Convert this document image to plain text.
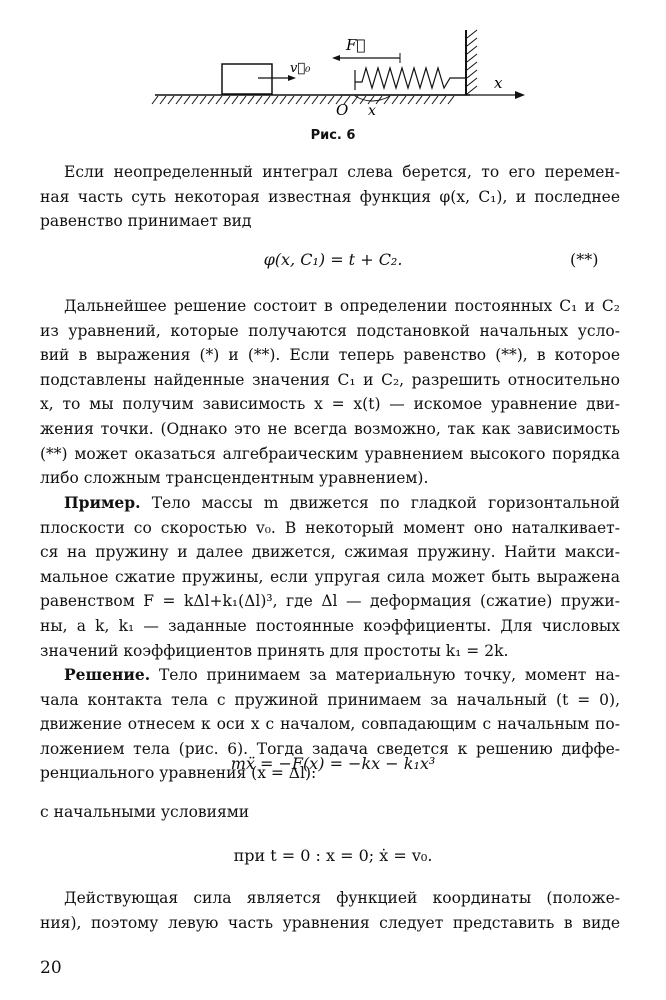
x
v⃗₀
F⃗
O x
Рис. 6
Если неопределенный интеграл слева берется, то его перемен-
ная часть суть некоторая известная функция φ(x, C₁), и последнее
равенство принимает вид
φ(x, C₁) = t + C₂.	(**)
Дальнейшее решение состоит в определении постоянных C₁ и C₂
из уравнений, которые получаются подстановкой начальных усло-
вий в выражения (*) и (**). Если теперь равенство (**), в которое
подставлены найденные значения C₁ и C₂, разрешить относительно
x, то мы получим зависимость x = x(t) — искомое уравнение дви-
жения точки. (Однако это не всегда возможно, так как зависимость
(**) может оказаться алгебраическим уравнением высокого порядка
либо сложным трансцендентным уравнением).
Пример. Тело массы m движется по гладкой горизонтальной
плоскости со скоростью v₀. В некоторый момент оно наталкивает-
ся на пружину и далее движется, сжимая пружину. Найти макси-
мальное сжатие пружины, если упругая сила может быть выражена
равенством F = kΔl+k₁(Δl)³, где Δl — деформация (сжатие) пружи-
ны, а k, k₁ — заданные постоянные коэффициенты. Для числовых
значений коэффициентов принять для простоты k₁ = 2k.
Решение. Тело принимаем за материальную точку, момент на-
чала контакта тела с пружиной принимаем за начальный (t = 0),
движение отнесем к оси x с началом, совпадающим с начальным по-
ложением тела (рис. 6). Тогда задача сведется к решению диффе-
ренциального уравнения (x = Δl):
mẍ = −F(x) = −kx − k₁x³
с начальными условиями
при t = 0 : x = 0; ẋ = v₀.
Действующая сила является функцией координаты (положе-
ния), поэтому левую часть уравнения следует представить в виде
20
